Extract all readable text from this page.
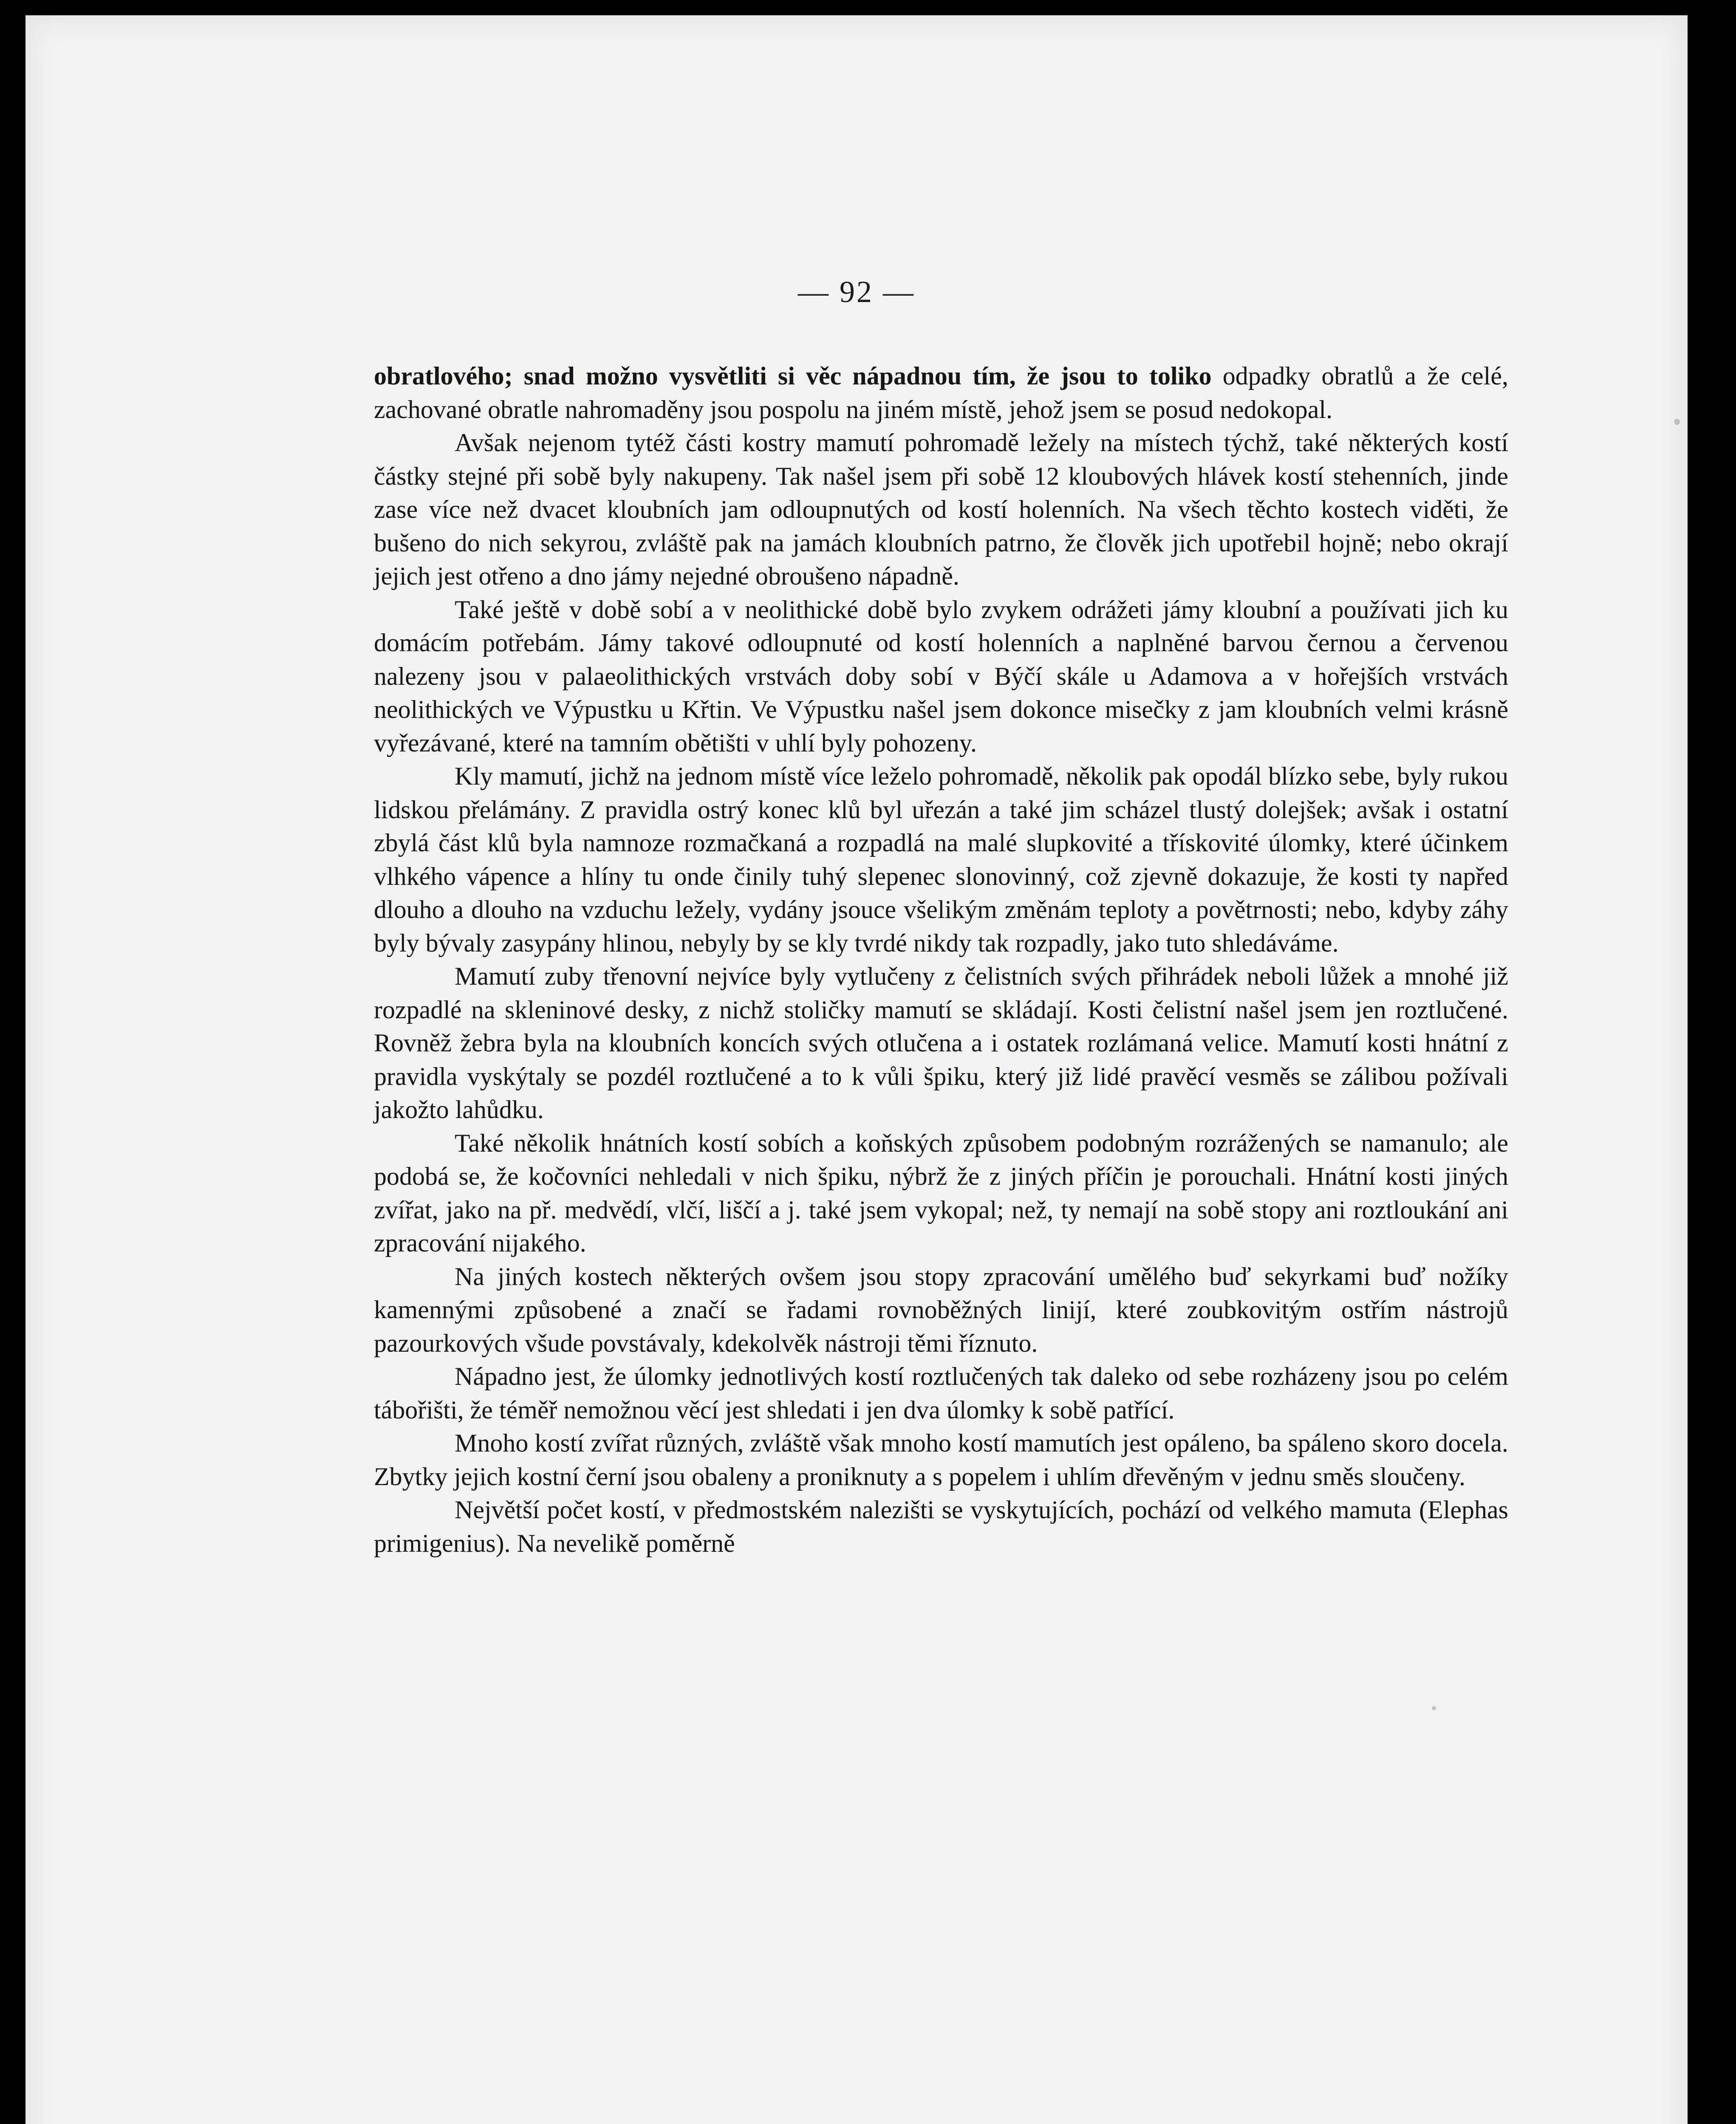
— 92 —

obratlového; snad možno vysvětliti si věc nápadnou tím, že jsou to toliko odpadky obratlů a že celé, zachované obratle nahromaděny jsou pospolu na jiném místě, jehož jsem se posud nedokopal.

Avšak nejenom tytéž části kostry mamutí pohromadě ležely na místech týchž, také některých kostí částky stejné při sobě byly nakupeny. Tak našel jsem při sobě 12 kloubových hlávek kostí stehenních, jinde zase více než dvacet kloubních jam odloupnutých od kostí holenních. Na všech těchto kostech viděti, že bušeno do nich sekyrou, zvláště pak na jamách kloubních patrno, že člověk jich upotřebil hojně; nebo okrají jejich jest otřeno a dno jámy nejedné obroušeno nápadně.

Také ještě v době sobí a v neolithické době bylo zvykem odrážeti jámy kloubní a používati jich ku domácím potřebám. Jámy takové odloupnuté od kostí holenních a naplněné barvou černou a červenou nalezeny jsou v palaeolithických vrstvách doby sobí v Býčí skále u Adamova a v hořejších vrstvách neolithických ve Výpustku u Křtin. Ve Výpustku našel jsem dokonce misečky z jam kloubních velmi krásně vyřezávané, které na tamním obětišti v uhlí byly pohozeny.

Kly mamutí, jichž na jednom místě více leželo pohromadě, několik pak opodál blízko sebe, byly rukou lidskou přelámány. Z pravidla ostrý konec klů byl uřezán a také jim scházel tlustý dolejšek; avšak i ostatní zbylá část klů byla namnoze rozmačkaná a rozpadlá na malé slupkovité a třískovité úlomky, které účinkem vlhkého vápence a hlíny tu onde činily tuhý slepenec slonovinný, což zjevně dokazuje, že kosti ty napřed dlouho a dlouho na vzduchu ležely, vydány jsouce všelikým změnám teploty a povětrnosti; nebo, kdyby záhy byly bývaly zasypány hlinou, nebyly by se kly tvrdé nikdy tak rozpadly, jako tuto shledáváme.

Mamutí zuby třenovní nejvíce byly vytlučeny z čelistních svých přihrádek neboli lůžek a mnohé již rozpadlé na skleninové desky, z nichž stoličky mamutí se skládají. Kosti čelistní našel jsem jen roztlučené. Rovněž žebra byla na kloubních koncích svých otlučena a i ostatek rozlámaná velice. Mamutí kosti hnátní z pravidla vyskýtaly se pozdél roztlučené a to k vůli špiku, který již lidé pravěcí vesměs se zálibou požívali jakožto lahůdku.

Také několik hnátních kostí sobích a koňských způsobem podobným rozrážených se namanulo; ale podobá se, že kočovníci nehledali v nich špiku, nýbrž že z jiných příčin je porouchali. Hnátní kosti jiných zvířat, jako na př. medvědí, vlčí, liščí a j. také jsem vykopal; než, ty nemají na sobě stopy ani roztloukání ani zpracování nijakého.

Na jiných kostech některých ovšem jsou stopy zpracování umělého buď sekyrkami buď nožíky kamennými způsobené a značí se řadami rovnoběžných linijí, které zoubkovitým ostřím nástrojů pazourkových všude povstávaly, kdekolvěk nástroji těmi říznuto.

Nápadno jest, že úlomky jednotlivých kostí roztlučených tak daleko od sebe rozházeny jsou po celém tábořišti, že téměř nemožnou věcí jest shledati i jen dva úlomky k sobě patřící.

Mnoho kostí zvířat různých, zvláště však mnoho kostí mamutích jest opáleno, ba spáleno skoro docela. Zbytky jejich kostní černí jsou obaleny a proniknuty a s popelem i uhlím dřevěným v jednu směs sloučeny.

Největší počet kostí, v předmostském nalezišti se vyskytujících, pochází od velkého mamuta (Elephas primigenius). Na nevelikě poměrně
